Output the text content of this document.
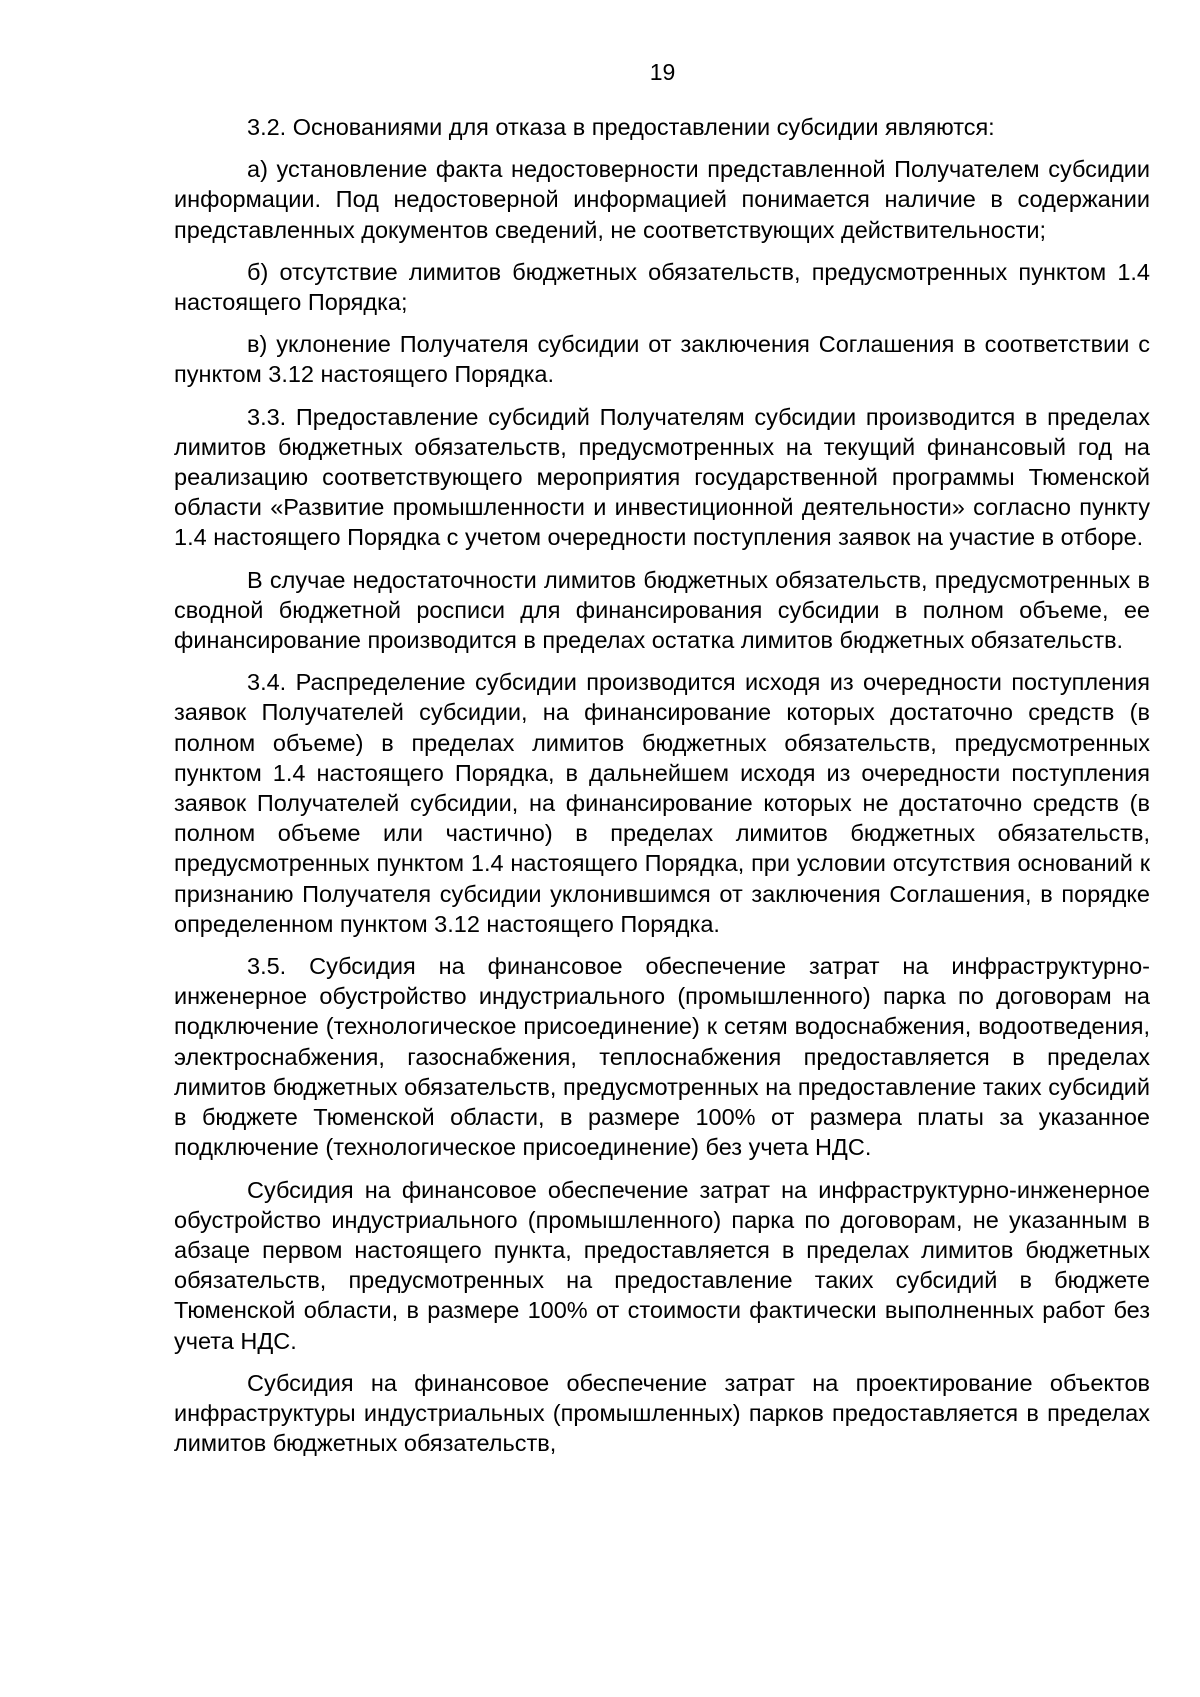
19

3.2. Основаниями для отказа в предоставлении субсидии являются:

а) установление факта недостоверности представленной Получателем субсидии информации. Под недостоверной информацией понимается наличие в содержании представленных документов сведений, не соответствующих действительности;

б) отсутствие лимитов бюджетных обязательств, предусмотренных пунктом 1.4 настоящего Порядка;

в) уклонение Получателя субсидии от заключения Соглашения в соответствии с пунктом 3.12 настоящего Порядка.

3.3. Предоставление субсидий Получателям субсидии производится в пределах лимитов бюджетных обязательств, предусмотренных на текущий финансовый год на реализацию соответствующего мероприятия государственной программы Тюменской области «Развитие промышленности и инвестиционной деятельности» согласно пункту 1.4 настоящего Порядка с учетом очередности поступления заявок на участие в отборе.

В случае недостаточности лимитов бюджетных обязательств, предусмотренных в сводной бюджетной росписи для финансирования субсидии в полном объеме, ее финансирование производится в пределах остатка лимитов бюджетных обязательств.

3.4. Распределение субсидии производится исходя из очередности поступления заявок Получателей субсидии, на финансирование которых достаточно средств (в полном объеме) в пределах лимитов бюджетных обязательств, предусмотренных пунктом 1.4 настоящего Порядка, в дальнейшем исходя из очередности поступления заявок Получателей субсидии, на финансирование которых не достаточно средств (в полном объеме или частично) в пределах лимитов бюджетных обязательств, предусмотренных пунктом 1.4 настоящего Порядка, при условии отсутствия оснований к признанию Получателя субсидии уклонившимся от заключения Соглашения, в порядке определенном пунктом 3.12 настоящего Порядка.

3.5. Субсидия на финансовое обеспечение затрат на инфраструктурно-инженерное обустройство индустриального (промышленного) парка по договорам на подключение (технологическое присоединение) к сетям водоснабжения, водоотведения, электроснабжения, газоснабжения, теплоснабжения предоставляется в пределах лимитов бюджетных обязательств, предусмотренных на предоставление таких субсидий в бюджете Тюменской области, в размере 100% от размера платы за указанное подключение (технологическое присоединение) без учета НДС.

Субсидия на финансовое обеспечение затрат на инфраструктурно-инженерное обустройство индустриального (промышленного) парка по договорам, не указанным в абзаце первом настоящего пункта, предоставляется в пределах лимитов бюджетных обязательств, предусмотренных на предоставление таких субсидий в бюджете Тюменской области, в размере 100% от стоимости фактически выполненных работ без учета НДС.

Субсидия на финансовое обеспечение затрат на проектирование объектов инфраструктуры индустриальных (промышленных) парков предоставляется в пределах лимитов бюджетных обязательств,
